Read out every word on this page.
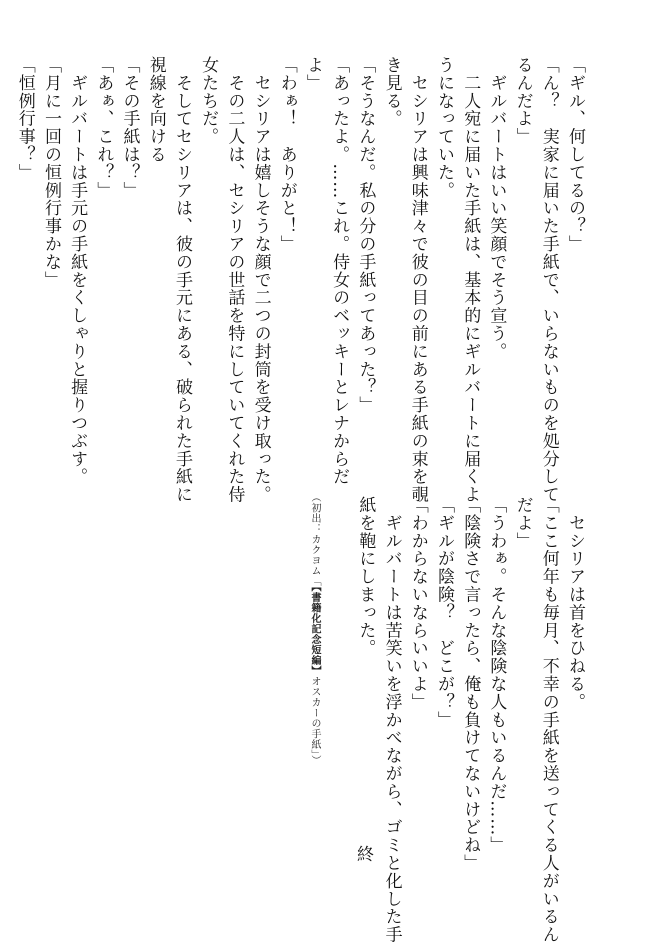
「ギル、何してるの？」
「ん？　実家に届いた手紙で、いらないものを処分して
るんだよ」
　ギルバートはいい笑顔でそう宣う。
　二人宛に届いた手紙は、基本的にギルバートに届くよ
うになっていた。
　セシリアは興味津々で彼の目の前にある手紙の束を覗
き見る。
「そうなんだ。私の分の手紙ってあった？」
「あったよ。……これ。侍女のベッキーとレナからだ
よ」
「わぁ！　ありがと！」
　セシリアは嬉しそうな顔で二つの封筒を受け取った。
　その二人は、セシリアの世話を特にしていてくれた侍
女たちだ。
　そしてセシリアは、彼の手元にある、破られた手紙に
視線を向ける
「その手紙は？」
「あぁ、これ？」
　ギルバートは手元の手紙をくしゃりと握りつぶす。
「月に一回の恒例行事かな」
「恒例行事？」
　セシリアは首をひねる。
「ここ何年も毎月、不幸の手紙を送ってくる人がいるん
だよ」
「うわぁ。そんな陰険な人もいるんだ……」
「陰険さで言ったら、俺も負けてないけどね」
「ギルが陰険？　どこが？」
「わからないならいいよ」
　ギルバートは苦笑いを浮かべながら、ゴミと化した手
紙を鞄にしまった。
（初出：カクヨム「【書籍化記念短編】オスカーの手紙」）
終
